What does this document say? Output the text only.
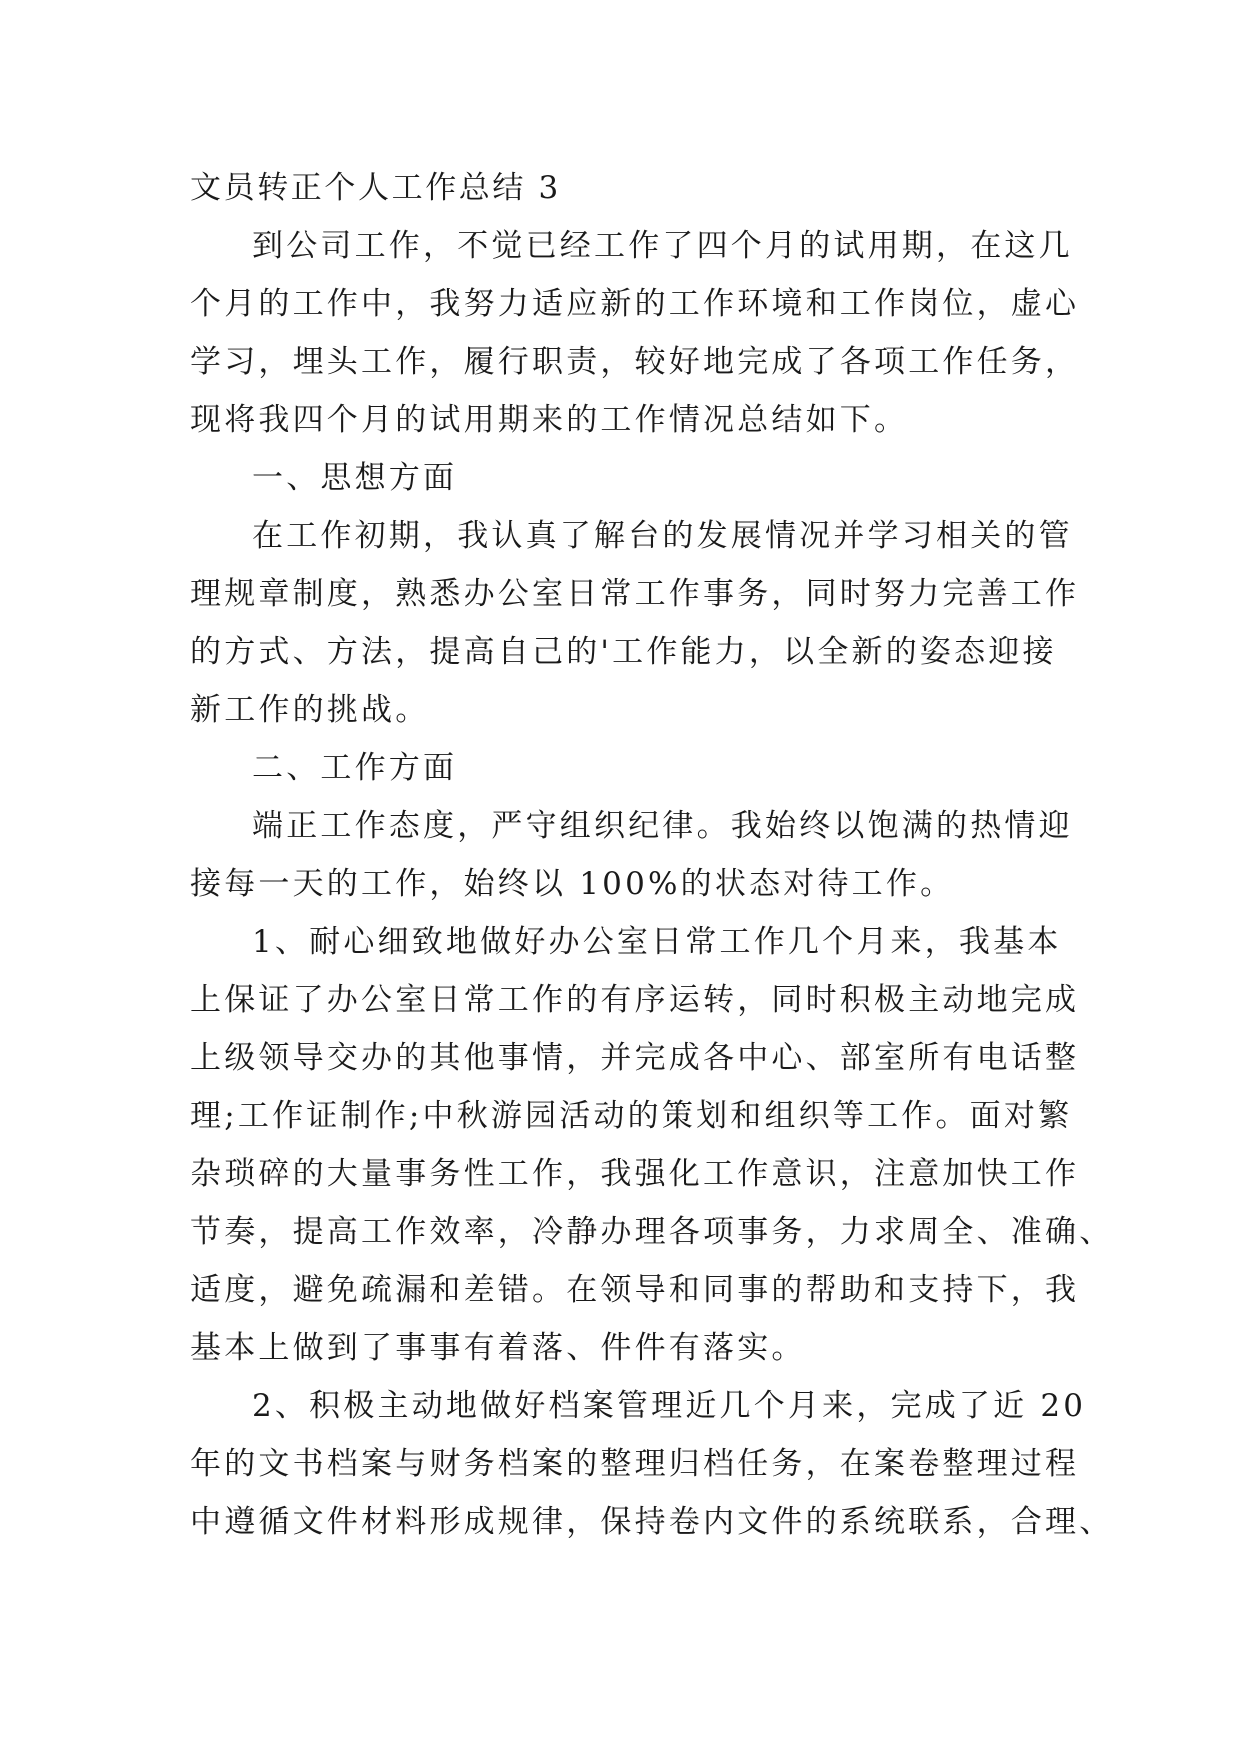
文员转正个人工作总结 3
到公司工作，不觉已经工作了四个月的试用期，在这几
个月的工作中，我努力适应新的工作环境和工作岗位，虚心
学习，埋头工作，履行职责，较好地完成了各项工作任务，
现将我四个月的试用期来的工作情况总结如下。
一、思想方面
在工作初期，我认真了解台的发展情况并学习相关的管
理规章制度，熟悉办公室日常工作事务，同时努力完善工作
的方式、方法，提高自己的'工作能力，以全新的姿态迎接
新工作的挑战。
二、工作方面
端正工作态度，严守组织纪律。我始终以饱满的热情迎
接每一天的工作，始终以 100%的状态对待工作。
1、耐心细致地做好办公室日常工作几个月来，我基本
上保证了办公室日常工作的有序运转，同时积极主动地完成
上级领导交办的其他事情，并完成各中心、部室所有电话整
理;工作证制作;中秋游园活动的策划和组织等工作。面对繁
杂琐碎的大量事务性工作，我强化工作意识，注意加快工作
节奏，提高工作效率，冷静办理各项事务，力求周全、准确、
适度，避免疏漏和差错。在领导和同事的帮助和支持下，我
基本上做到了事事有着落、件件有落实。
2、积极主动地做好档案管理近几个月来，完成了近 20
年的文书档案与财务档案的整理归档任务，在案卷整理过程
中遵循文件材料形成规律，保持卷内文件的系统联系，合理、
